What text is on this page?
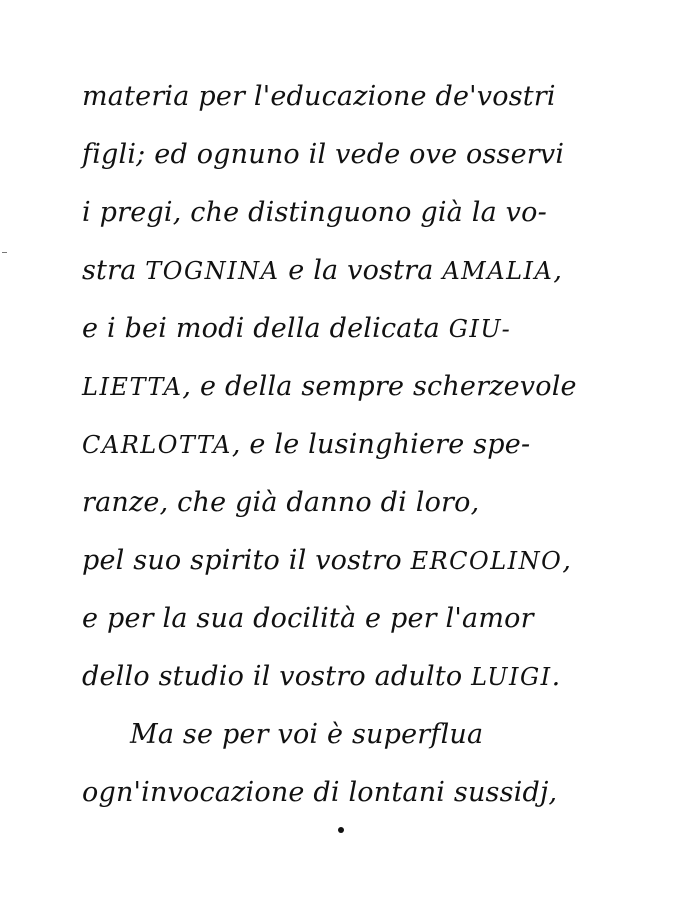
materia per l'educazione de'vostri
figli; ed ognuno il vede ove osservi
i pregi, che distinguono già la vo-
stra TOGNINA e la vostra AMALIA,
e i bei modi della delicata GIU-
LIETTA, e della sempre scherzevole
CARLOTTA, e le lusinghiere spe-
ranze, che già danno di loro,
pel suo spirito il vostro ERCOLINO,
e per la sua docilità e per l'amor
dello studio il vostro adulto LUIGI.
Ma se per voi è superflua
ogn'invocazione di lontani sussidj,
